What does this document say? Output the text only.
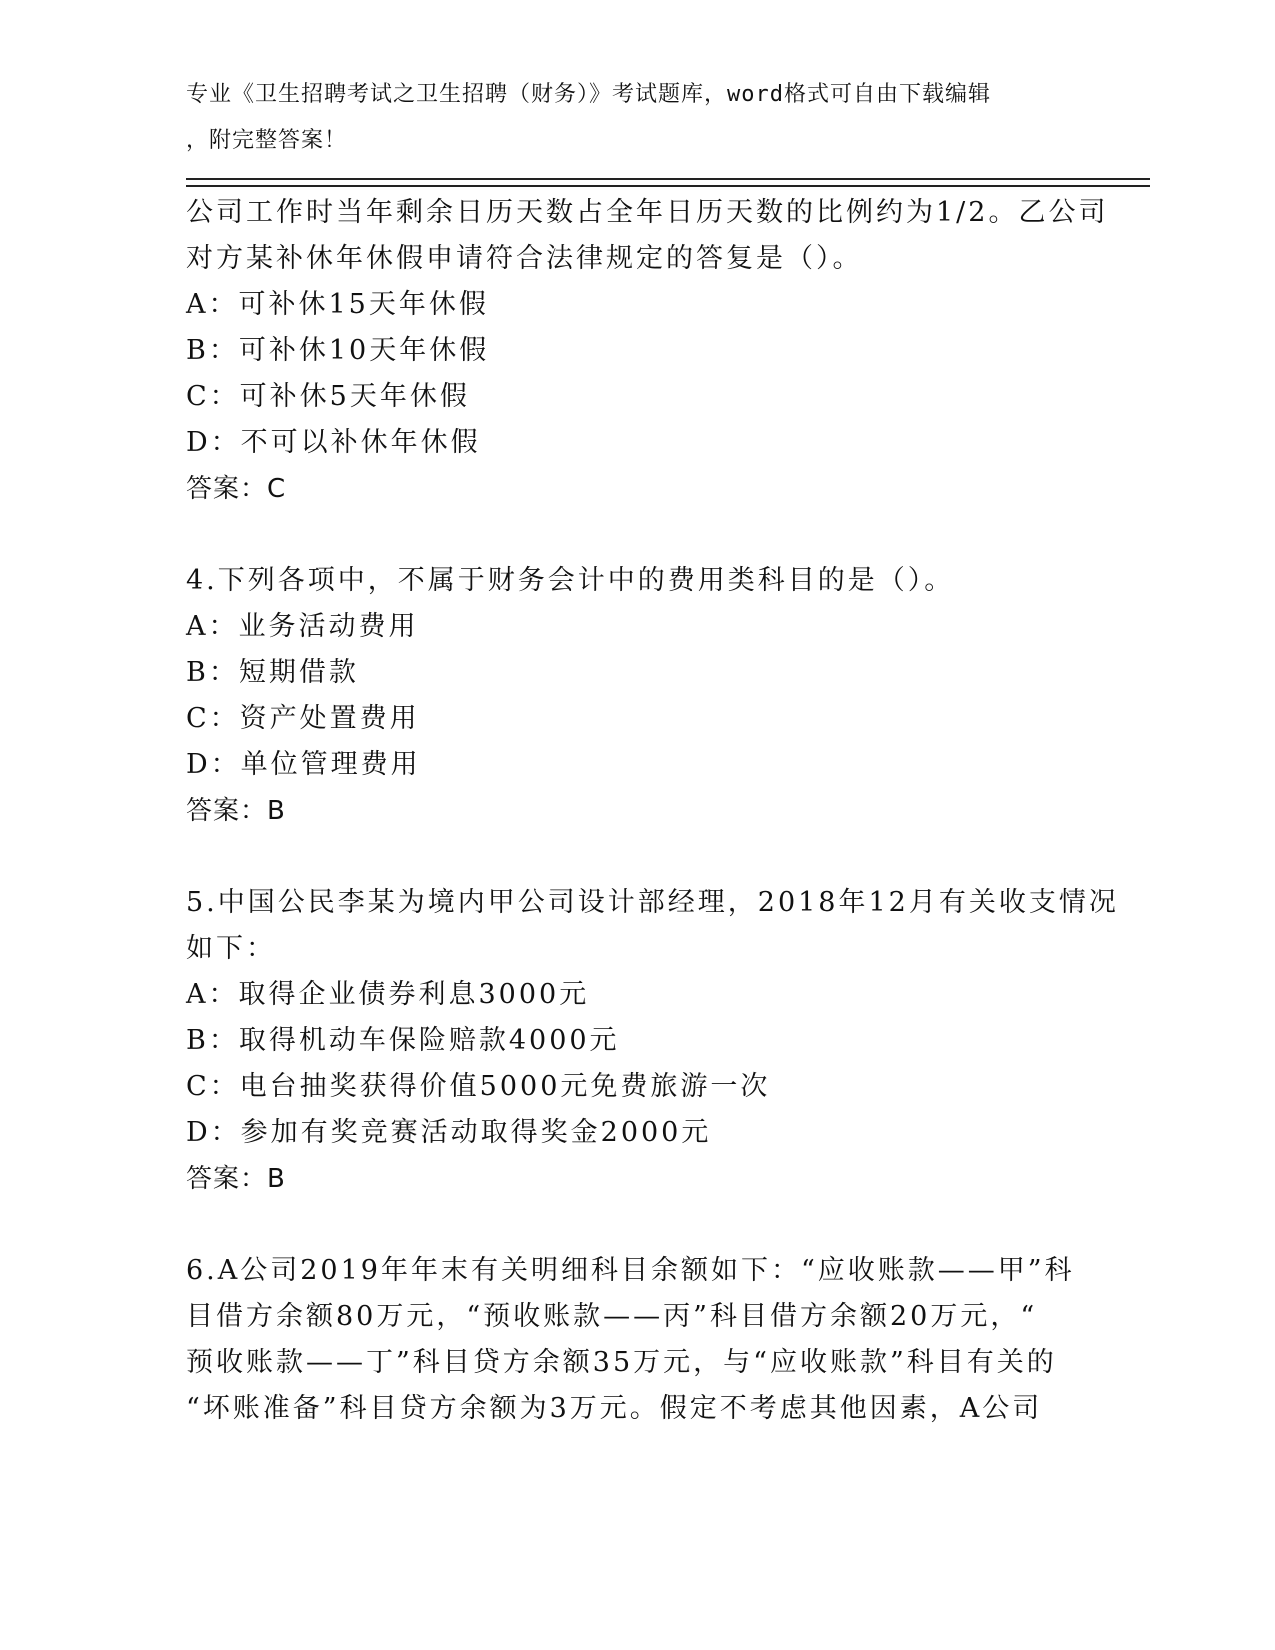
专业《卫生招聘考试之卫生招聘（财务）》考试题库，word格式可自由下载编辑
，附完整答案！
公司工作时当年剩余日历天数占全年日历天数的比例约为1/2。乙公司
对方某补休年休假申请符合法律规定的答复是（）。
A：可补休15天年休假
B：可补休10天年休假
C：可补休5天年休假
D：不可以补休年休假
答案：C
4.下列各项中，不属于财务会计中的费用类科目的是（）。
A：业务活动费用
B：短期借款
C：资产处置费用
D：单位管理费用
答案：B
5.中国公民李某为境内甲公司设计部经理，2018年12月有关收支情况
如下：
A：取得企业债券利息3000元
B：取得机动车保险赔款4000元
C：电台抽奖获得价值5000元免费旅游一次
D：参加有奖竞赛活动取得奖金2000元
答案：B
6.A公司2019年年末有关明细科目余额如下：“应收账款——甲”科
目借方余额80万元，“预收账款——丙”科目借方余额20万元，“
预收账款——丁”科目贷方余额35万元，与“应收账款”科目有关的
“坏账准备”科目贷方余额为3万元。假定不考虑其他因素，A公司
